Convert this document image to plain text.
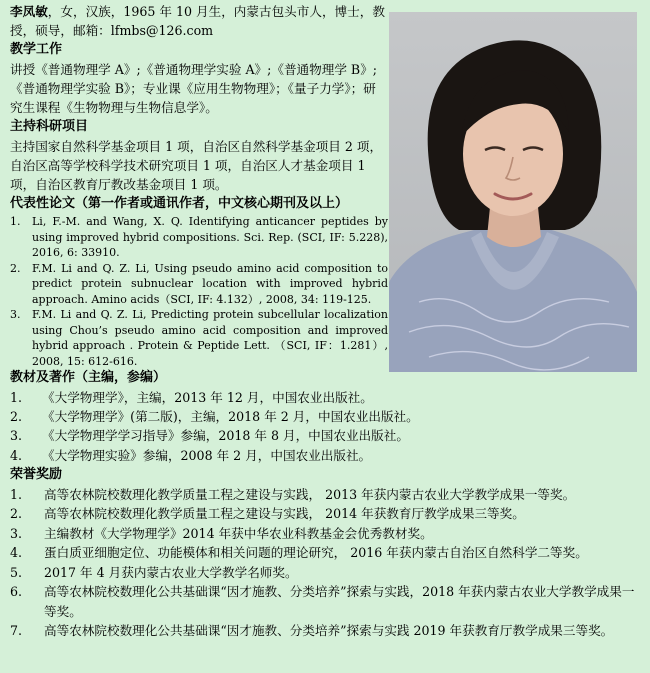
李凤敏，女，汉族，1965 年 10 月生，内蒙古包头市人，博士，教授，硕导，邮箱：lfmbs@126.com
教学工作
讲授《普通物理学 A》;《普通物理学实验 A》;《普通物理学 B》;《普通物理学实验 B》；专业课《应用生物物理》；《量子力学》；研究生课程《生物物理与生物信息学》。
主持科研项目
主持国家自然科学基金项目 1 项，自治区自然科学基金项目 2 项，自治区高等学校科学技术研究项目 1 项，自治区人才基金项目 1 项，自治区教育厅教改基金项目 1 项。
代表性论文（第一作者或通讯作者，中文核心期刊及以上）
1.	Li, F.-M. and Wang, X. Q. Identifying anticancer peptides by using improved hybrid compositions. Sci. Rep. (SCI, IF: 5.228), 2016, 6: 33910.
2.	F.M. Li and Q. Z. Li, Using pseudo amino acid composition to predict protein subnuclear location with improved hybrid approach. Amino acids（SCI, IF: 4.132）, 2008, 34: 119-125.
3.	F.M. Li and Q. Z. Li, Predicting protein subcellular localization using Chou’s pseudo amino acid composition and improved hybrid approach . Protein & Peptide Lett. （SCI, IF：1.281）, 2008, 15: 612-616.
教材及著作（主编，参编）
1.	《大学物理学》，主编，2013 年 12 月，中国农业出版社。
2.	《大学物理学》(第二版)，主编，2018 年 2 月，中国农业出版社。
3.	《大学物理学学习指导》参编，2018 年 8 月，中国农业出版社。
4.	《大学物理实验》参编，2008 年 2 月，中国农业出版社。
荣誉奖励
1.	高等农林院校数理化教学质量工程之建设与实践， 2013 年获内蒙古农业大学教学成果一等奖。
2.	高等农林院校数理化教学质量工程之建设与实践， 2014 年获教育厅教学成果三等奖。
3.	主编教材《大学物理学》2014 年获中华农业科教基金会优秀教材奖。
4.	蛋白质亚细胞定位、功能模体和相关问题的理论研究， 2016 年获内蒙古自治区自然科学二等奖。
5.	2017 年 4 月获内蒙古农业大学教学名师奖。
6.	高等农林院校数理化公共基础课“因才施教、分类培养”探索与实践，2018 年获内蒙古农业大学教学成果一等奖。
7.	高等农林院校数理化公共基础课“因才施教、分类培养”探索与实践 2019 年获教育厅教学成果三等奖。
